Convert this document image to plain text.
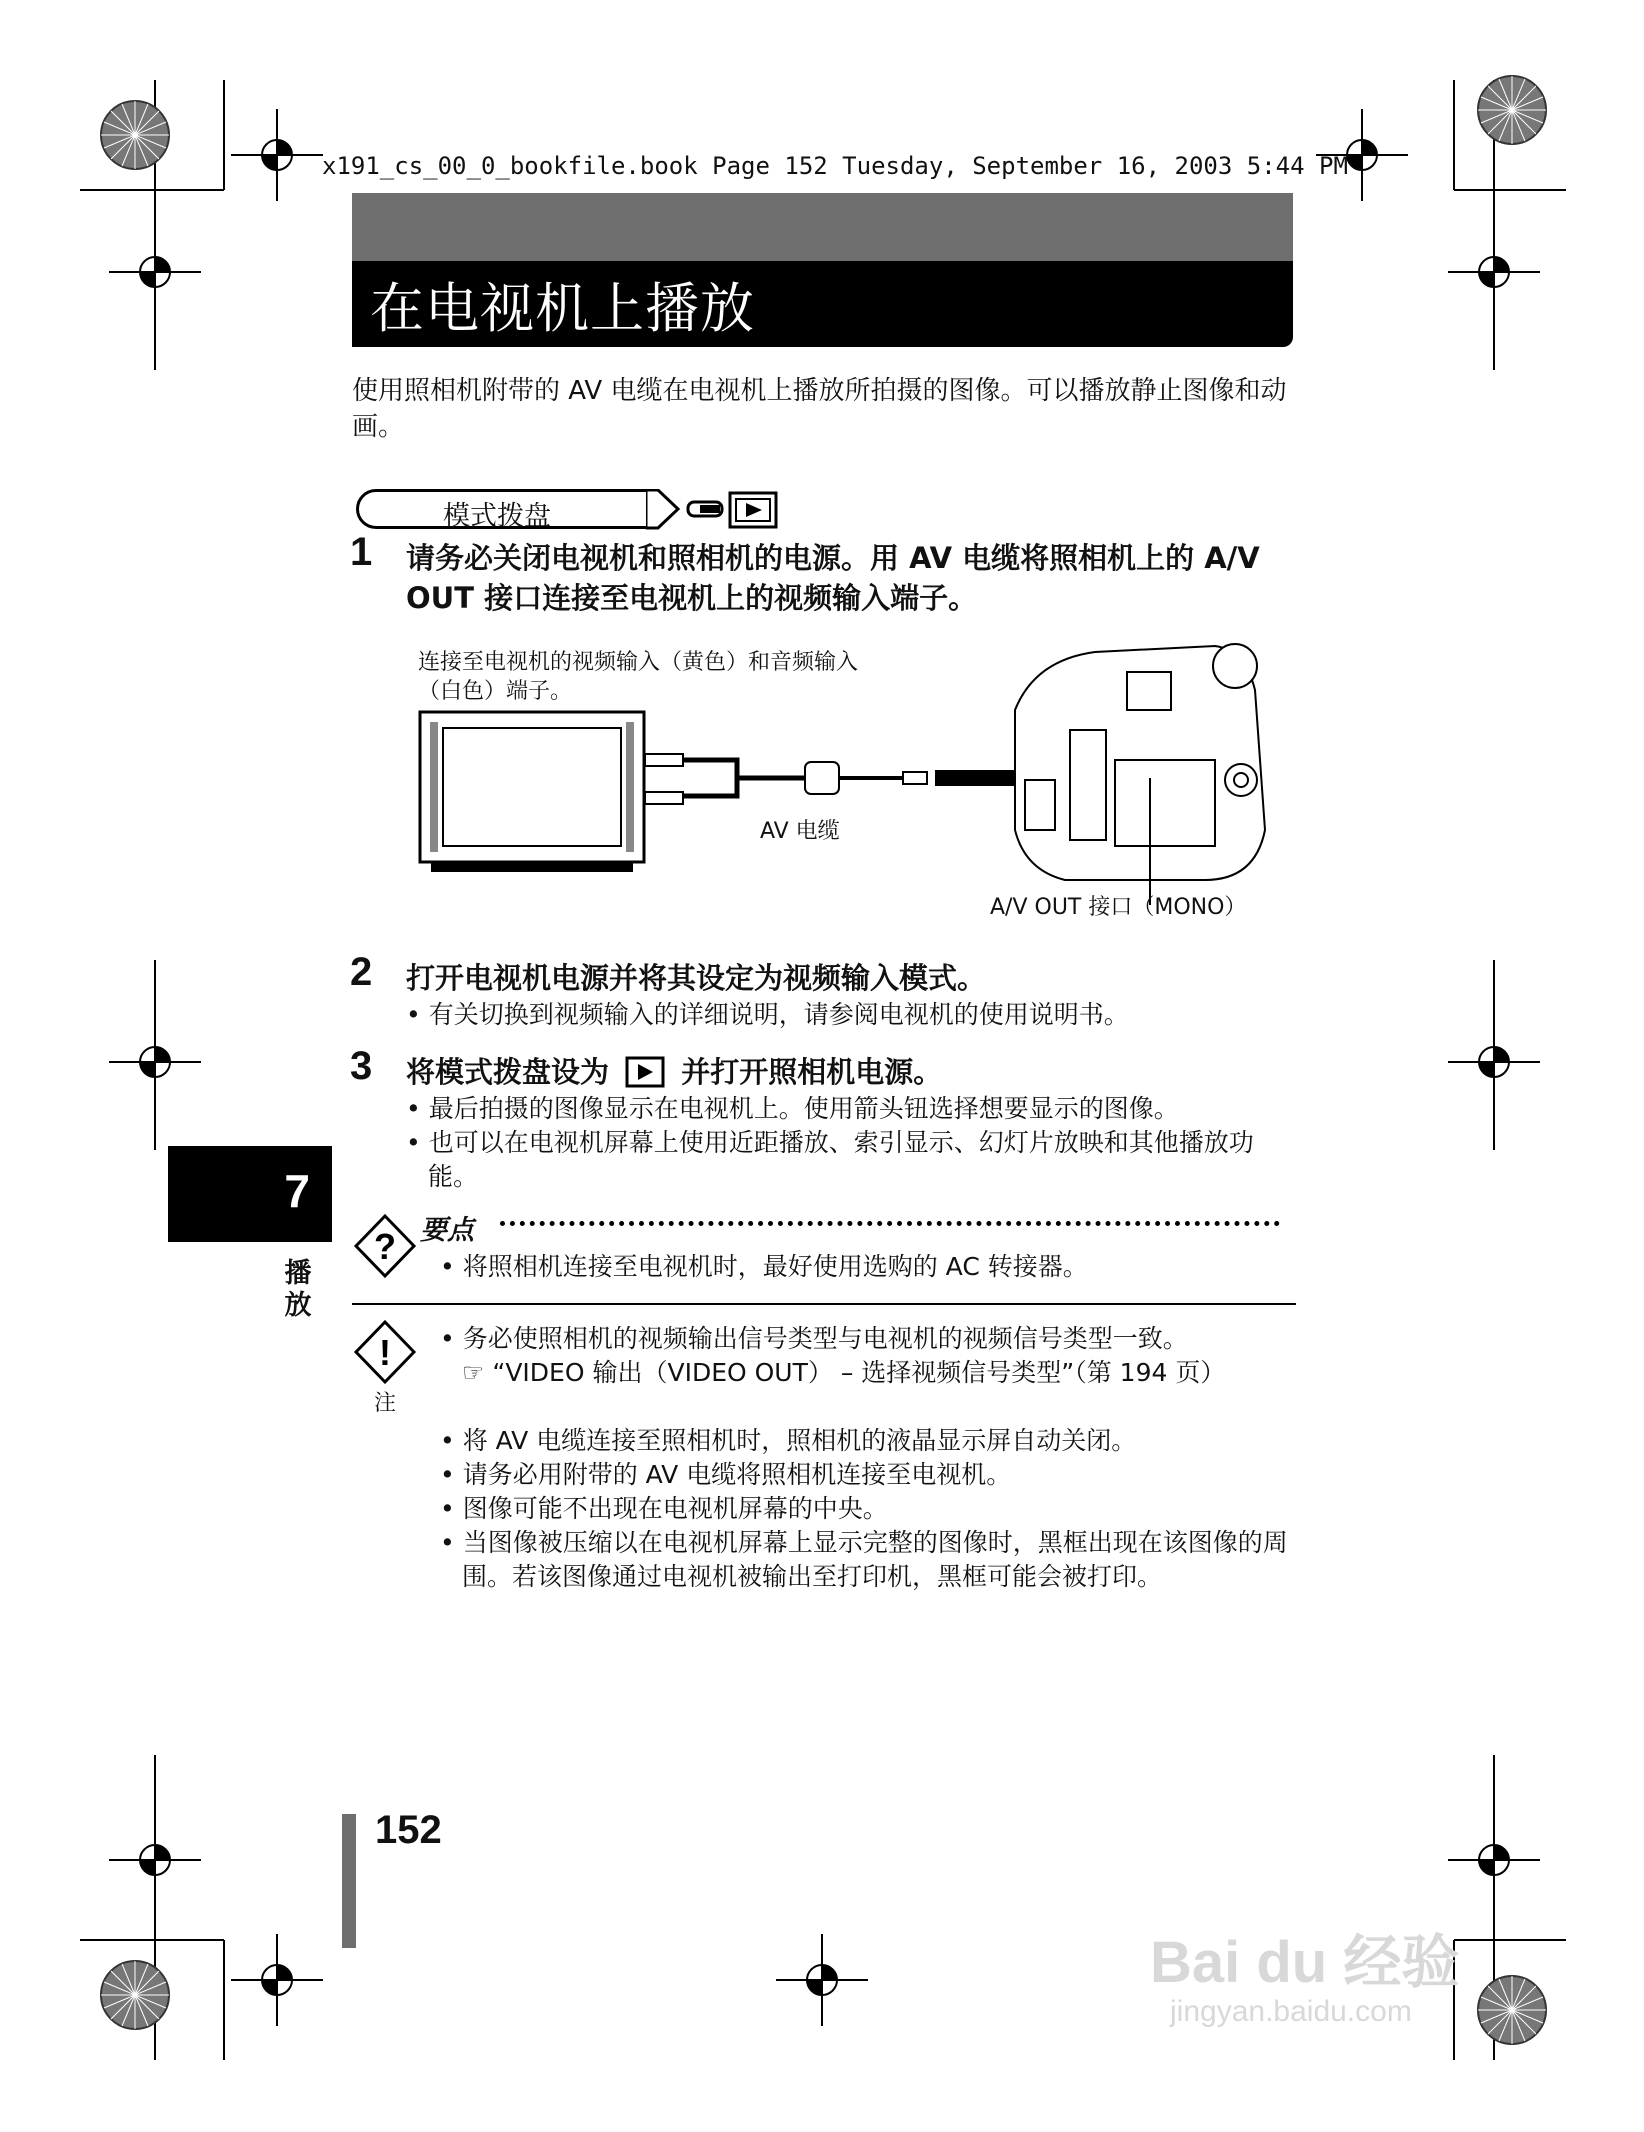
x191_cs_00_0_bookfile.book Page 152 Tuesday, September 16, 2003 5:44 PM
在电视机上播放
使用照相机附带的 AV 电缆在电视机上播放所拍摄的图像。可以播放静止图像和动画。
模式拨盘
1 请务必关闭电视机和照相机的电源。用 AV 电缆将照相机上的 A/V OUT 接口连接至电视机上的视频输入端子。
连接至电视机的视频输入（黄色）和音频输入（白色）端子。
AV 电缆
A/V OUT 接口（MONO）
2 打开电视机电源并将其设定为视频输入模式。
• 有关切换到视频输入的详细说明，请参阅电视机的使用说明书。
3 将模式拨盘设为 并打开照相机电源。
• 最后拍摄的图像显示在电视机上。使用箭头钮选择想要显示的图像。
• 也可以在电视机屏幕上使用近距播放、索引显示、幻灯片放映和其他播放功能。
7
播放
? 要点
• 将照相机连接至电视机时，最好使用选购的 AC 转接器。
!
注
• 务必使照相机的视频输出信号类型与电视机的视频信号类型一致。
☞ “VIDEO 输出（VIDEO OUT） – 选择视频信号类型”（第 194 页）
• 将 AV 电缆连接至照相机时，照相机的液晶显示屏自动关闭。
• 请务必用附带的 AV 电缆将照相机连接至电视机。
• 图像可能不出现在电视机屏幕的中央。
• 当图像被压缩以在电视机屏幕上显示完整的图像时，黑框出现在该图像的周围。若该图像通过电视机被输出至打印机，黑框可能会被打印。
152
Bai du 经验
jingyan.baidu.com
